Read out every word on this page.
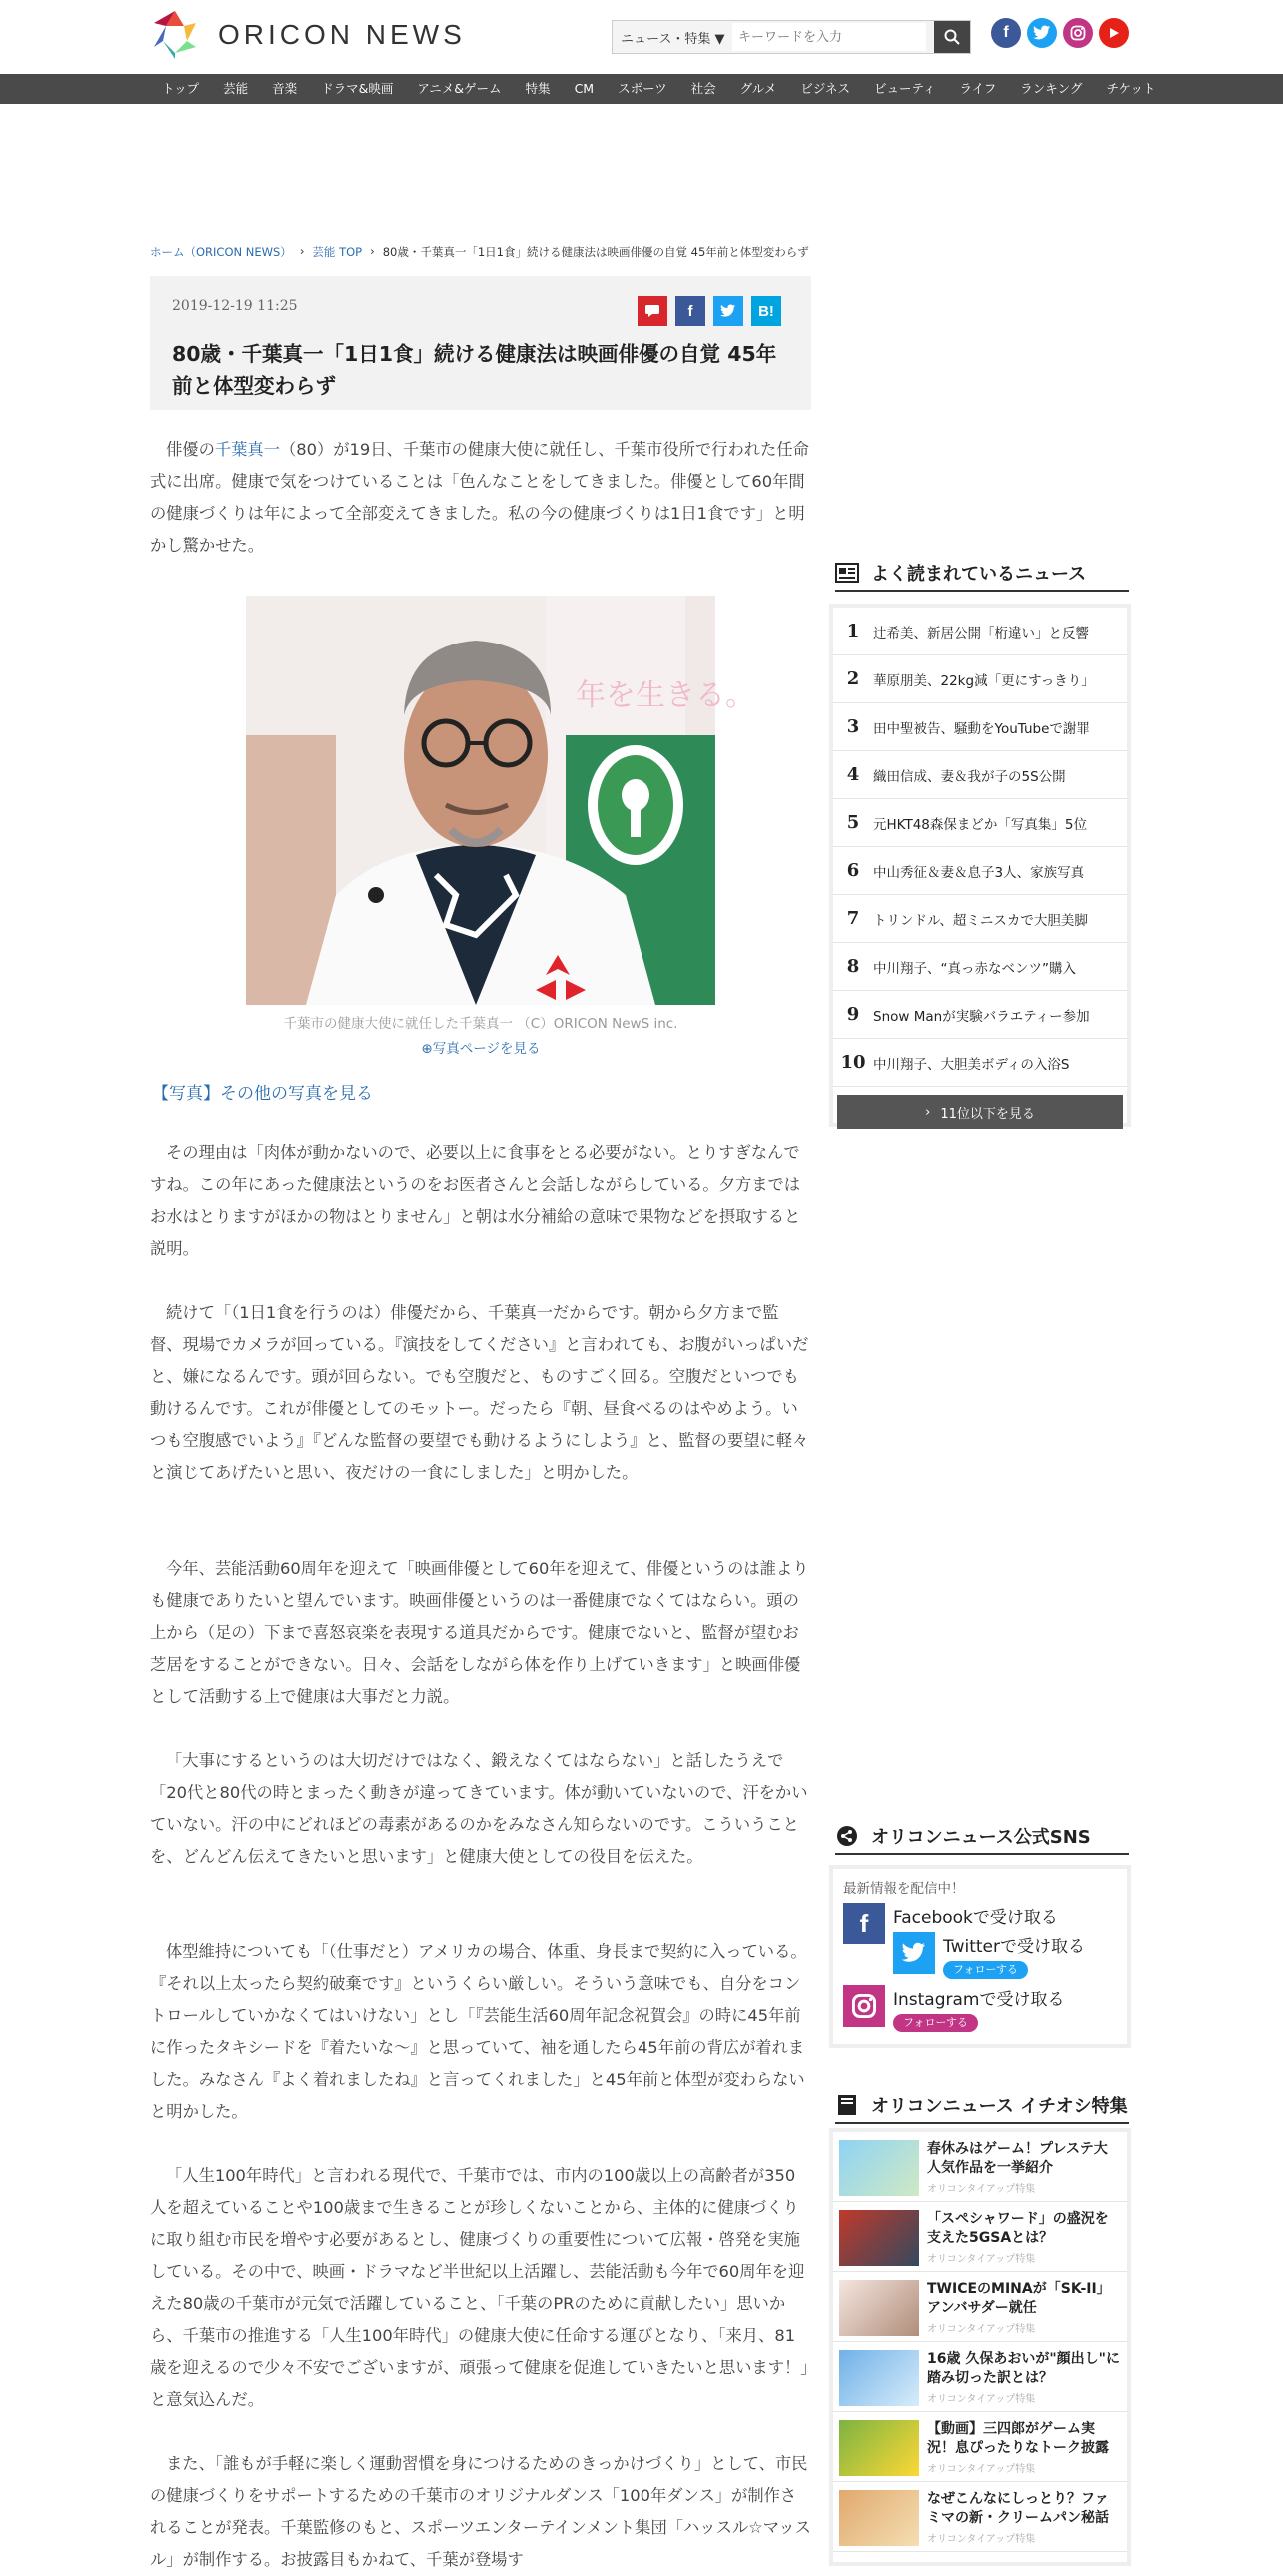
ORICON NEWS	ニュース・特集 ▼
キーワードを入力	f
トップ	芸能	音楽	ドラマ&映画	アニメ&ゲーム	特集	CM	スポーツ	社会	グルメ	ビジネス	ビューティ	ライフ	ランキング	チケット
ホーム（ORICON NEWS） › 芸能 TOP › 80歳・千葉真一「1日1食」続ける健康法は映画俳優の自覚 45年前と体型変わらず
2019-12-19 11:25	f	B!
80歳・千葉真一「1日1食」続ける健康法は映画俳優の自覚 45年前と体型変わらず
俳優の千葉真一（80）が19日、千葉市の健康大使に就任し、千葉市役所で行われた任命式に出席。健康で気をつけていることは「色んなことをしてきました。俳優として60年間の健康づくりは年によって全部変えてきました。私の今の健康づくりは1日1食です」と明かし驚かせた。
年を生きる。
千葉市の健康大使に就任した千葉真一 （C）ORICON NewS inc.
⊕写真ページを見る
【写真】その他の写真を見る

その理由は「肉体が動かないので、必要以上に食事をとる必要がない。とりすぎなんですね。この年にあった健康法というのをお医者さんと会話しながらしている。夕方まではお水はとりますがほかの物はとりません」と朝は水分補給の意味で果物などを摂取すると説明。

続けて「（1日1食を行うのは）俳優だから、千葉真一だからです。朝から夕方まで監督、現場でカメラが回っている。『演技をしてください』と言われても、お腹がいっぱいだと、嫌になるんです。頭が回らない。でも空腹だと、ものすごく回る。空腹だといつでも動けるんです。これが俳優としてのモットー。だったら『朝、昼食べるのはやめよう。いつも空腹感でいよう』『どんな監督の要望でも動けるようにしよう』と、監督の要望に軽々と演じてあげたいと思い、夜だけの一食にしました」と明かした。

今年、芸能活動60周年を迎えて「映画俳優として60年を迎えて、俳優というのは誰よりも健康でありたいと望んでいます。映画俳優というのは一番健康でなくてはならい。頭の上から（足の）下まで喜怒哀楽を表現する道具だからです。健康でないと、監督が望むお芝居をすることができない。日々、会話をしながら体を作り上げていきます」と映画俳優として活動する上で健康は大事だと力説。

「大事にするというのは大切だけではなく、鍛えなくてはならない」と話したうえで「20代と80代の時とまったく動きが違ってきています。体が動いていないので、汗をかいていない。汗の中にどれほどの毒素があるのかをみなさん知らないのです。こういうことを、どんどん伝えてきたいと思います」と健康大使としての役目を伝えた。

体型維持についても「（仕事だと）アメリカの場合、体重、身長まで契約に入っている。『それ以上太ったら契約破棄です』というくらい厳しい。そういう意味でも、自分をコントロールしていかなくてはいけない」とし「『芸能生活60周年記念祝賀会』の時に45年前に作ったタキシードを『着たいな～』と思っていて、袖を通したら45年前の背広が着れました。みなさん『よく着れましたね』と言ってくれました」と45年前と体型が変わらないと明かした。

「人生100年時代」と言われる現代で、千葉市では、市内の100歳以上の高齢者が350人を超えていることや100歳まで生きることが珍しくないことから、主体的に健康づくりに取り組む市民を増やす必要があるとし、健康づくりの重要性について広報・啓発を実施している。その中で、映画・ドラマなど半世紀以上活躍し、芸能活動も今年で60周年を迎えた80歳の千葉市が元気で活躍していること、「千葉のPRのために貢献したい」思いから、千葉市の推進する「人生100年時代」の健康大使に任命する運びとなり、「来月、81歳を迎えるので少々不安でございますが、頑張って健康を促進していきたいと思います！」と意気込んだ。

また、「誰もが手軽に楽しく運動習慣を身につけるためのきっかけづくり」として、市民の健康づくりをサポートするための千葉市のオリジナルダンス「100年ダンス」が制作されることが発表。千葉監修のもと、スポーツエンターテインメント集団「ハッスル☆マッスル」が制作する。お披露目もかねて、千葉が登場す

よく読まれているニュース
1	辻希美、新居公開「桁違い」と反響
2	華原朋美、22kg減「更にすっきり」
3	田中聖被告、騒動をYouTubeで謝罪
4	織田信成、妻＆我が子の5S公開
5	元HKT48森保まどか「写真集」5位
6	中山秀征＆妻＆息子3人、家族写真
7	トリンドル、超ミニスカで大胆美脚
8	中川翔子、“真っ赤なベンツ”購入
9	Snow Manが実験バラエティー参加
10 中川翔子、大胆美ボディの入浴S
› 11位以下を見る
オリコンニュース公式SNS
最新情報を配信中！
f	Facebookで受け取る
Twitterで受け取る
フォローする
Instagramで受け取る
フォローする
オリコンニュース イチオシ特集
春休みはゲーム！プレステ大人気作品を一挙紹介
オリコンタイアップ特集
「スペシャワード」の盛況を支えた5GSAとは？
オリコンタイアップ特集
TWICEのMINAが「SK-II」アンバサダー就任
オリコンタイアップ特集
16歳 久保あおいが"顔出し"に踏み切った訳とは？
オリコンタイアップ特集
【動画】三四郎がゲーム実況！息ぴったりなトーク披露
オリコンタイアップ特集
なぜこんなにしっとり？ファミマの新・クリームパン秘話
オリコンタイアップ特集
